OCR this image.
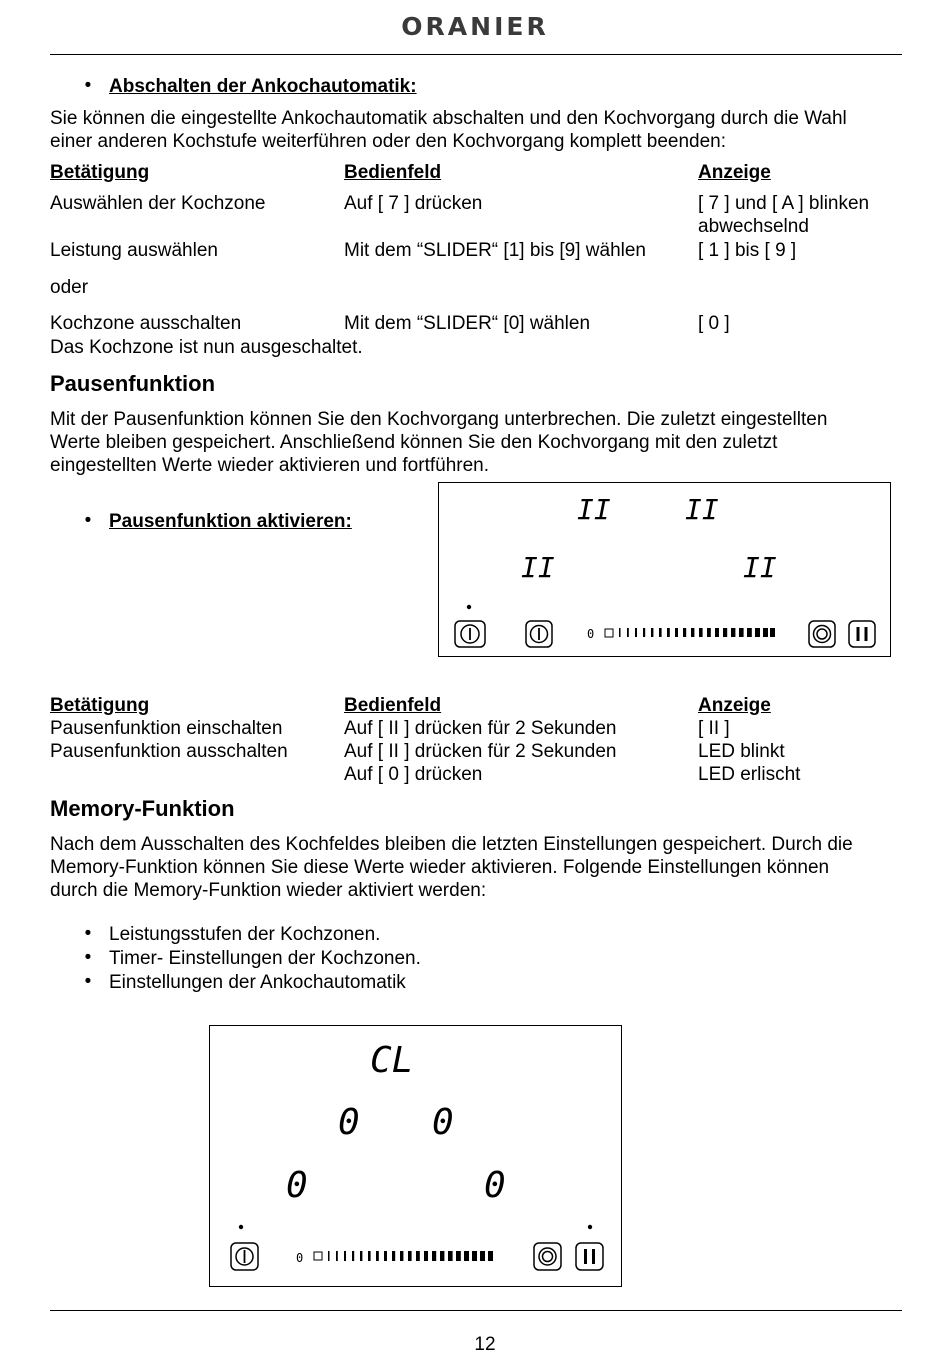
ORANIER
• Abschalten der Ankochautomatik:
Sie können die eingestellte Ankochautomatik abschalten und den Kochvorgang durch die Wahl
einer anderen Kochstufe weiterführen oder den Kochvorgang komplett beenden:
Betätigung	Bedienfeld	Anzeige
Auswählen der Kochzone	Auf [ 7 ] drücken	[ 7 ] und [ A ] blinken
abwechselnd
Leistung auswählen	Mit dem “SLIDER“ [1] bis [9] wählen	[ 1 ] bis [ 9 ]
oder
Kochzone ausschalten	Mit dem “SLIDER“ [0] wählen	[ 0 ]
Das Kochzone ist nun ausgeschaltet.
Pausenfunktion
Mit der Pausenfunktion können Sie den Kochvorgang unterbrechen. Die zuletzt eingestellten
Werte bleiben gespeichert. Anschließend können Sie den Kochvorgang mit den zuletzt
eingestellten Werte wieder aktivieren und fortführen.
• Pausenfunktion aktivieren:	II	II
II	II
0
Betätigung	Bedienfeld	Anzeige
Pausenfunktion einschalten	Auf [ II ] drücken für 2 Sekunden	[ II ]
Pausenfunktion ausschalten	Auf [ II ] drücken für 2 Sekunden	LED blinkt
Auf [ 0 ] drücken	LED erlischt
Memory-Funktion
Nach dem Ausschalten des Kochfeldes bleiben die letzten Einstellungen gespeichert. Durch die
Memory-Funktion können Sie diese Werte wieder aktivieren. Folgende Einstellungen können
durch die Memory-Funktion wieder aktiviert werden:
• Leistungsstufen der Kochzonen.
• Timer- Einstellungen der Kochzonen.
• Einstellungen der Ankochautomatik
CL
0 0
0	0
0
12
